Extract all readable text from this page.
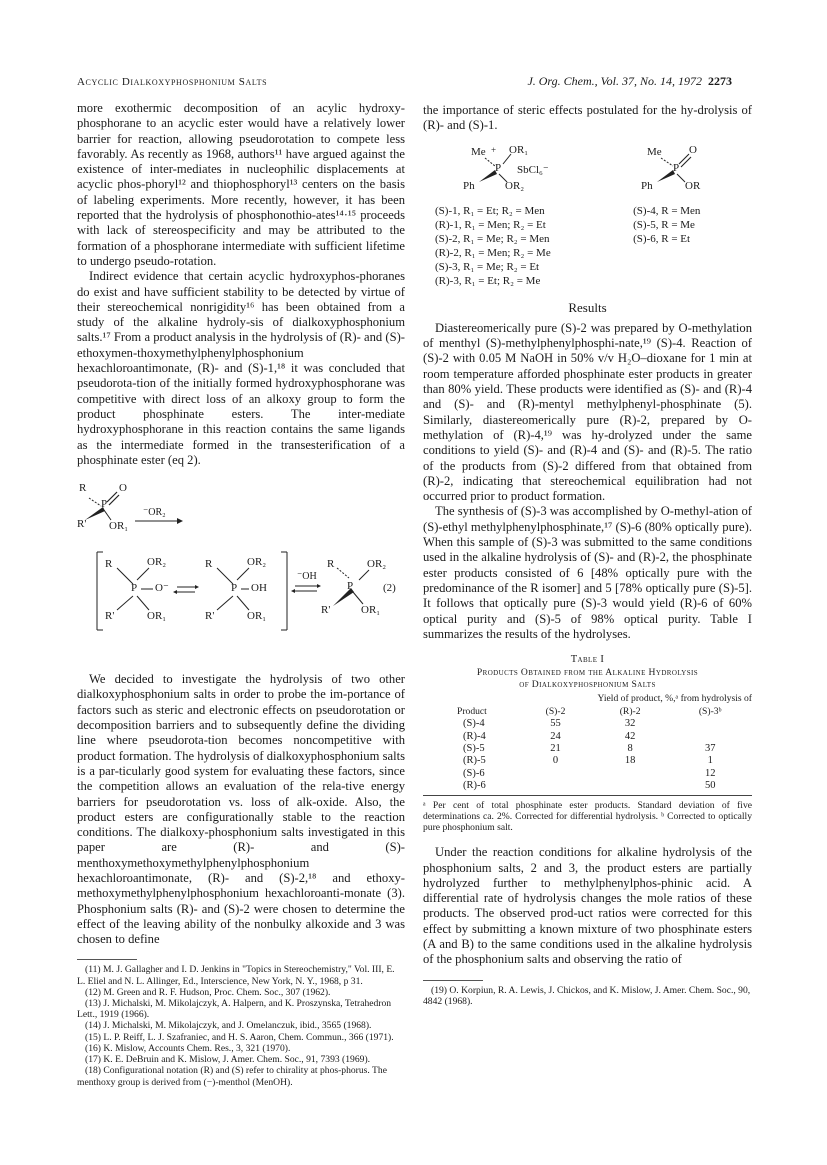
Acyclic Dialkoxyphosphonium Salts	J. Org. Chem., Vol. 37, No. 14, 1972 2273

more exothermic decomposition of an acylic hydroxy-phosphorane to an acyclic ester would have a relatively lower barrier for reaction, allowing pseudorotation to compete less favorably. As recently as 1968, authors¹¹ have argued against the existence of inter-mediates in nucleophilic displacements at acyclic phos-phoryl¹² and thiophosphoryl¹³ centers on the basis of labeling experiments. More recently, however, it has been reported that the hydrolysis of phosphonothio-ates¹⁴·¹⁵ proceeds with lack of stereospecificity and may be attributed to the formation of a phosphorane intermediate with sufficient lifetime to undergo pseudo-rotation.

Indirect evidence that certain acyclic hydroxyphos-phoranes do exist and have sufficient stability to be detected by virtue of their stereochemical nonrigidity¹⁶ has been obtained from a study of the alkaline hydroly-sis of dialkoxyphosphonium salts.¹⁷ From a product analysis in the hydrolysis of (R)- and (S)-ethoxymen-thoxymethylphenylphosphonium hexachloroantimonate, (R)- and (S)-1,¹⁸ it was concluded that pseudorota-tion of the initially formed hydroxyphosphorane was competitive with direct loss of an alkoxy group to form the product phosphinate esters. The inter-mediate hydroxyphosphorane in this reaction contains the same ligands as the intermediate formed in the transesterification of a phosphinate ester (eq 2).

R	O
P
R' OR₁
⁻OR₂
R	OR₂
P O⁻
R'	OR₁
R	OR₂
P OH
R'	OR₁
⁻OH
R	OR₂
P
R'	OR₁
(2)

We decided to investigate the hydrolysis of two other dialkoxyphosphonium salts in order to probe the im-portance of factors such as steric and electronic effects on pseudorotation or decomposition barriers and to subsequently define the dividing line where pseudorota-tion becomes noncompetitive with product formation. The hydrolysis of dialkoxyphosphonium salts is a par-ticularly good system for evaluating these factors, since the competition allows an evaluation of the rela-tive energy barriers for pseudorotation vs. loss of alk-oxide. Also, the product esters are configurationally stable to the reaction conditions. The dialkoxy-phosphonium salts investigated in this paper are (R)- and (S)-menthoxymethoxymethylphenylphosphonium hexachloroantimonate, (R)- and (S)-2,¹⁸ and ethoxy-methoxymethylphenylphosphonium hexachloroanti-monate (3). Phosphonium salts (R)- and (S)-2 were chosen to determine the effect of the leaving ability of the nonbulky alkoxide and 3 was chosen to define

(11) M. J. Gallagher and I. D. Jenkins in "Topics in Stereochemistry," Vol. III, E. L. Eliel and N. L. Allinger, Ed., Interscience, New York, N. Y., 1968, p 31.
(12) M. Green and R. F. Hudson, Proc. Chem. Soc., 307 (1962).
(13) J. Michalski, M. Mikolajczyk, A. Halpern, and K. Proszynska, Tetrahedron Lett., 1919 (1966).
(14) J. Michalski, M. Mikolajczyk, and J. Omelanczuk, ibid., 3565 (1968).
(15) L. P. Reiff, L. J. Szafraniec, and H. S. Aaron, Chem. Commun., 366 (1971).
(16) K. Mislow, Accounts Chem. Res., 3, 321 (1970).
(17) K. E. DeBruin and K. Mislow, J. Amer. Chem. Soc., 91, 7393 (1969).
(18) Configurational notation (R) and (S) refer to chirality at phos-phorus. The menthoxy group is derived from (−)-menthol (MenOH).

the importance of steric effects postulated for the hy-drolysis of (R)- and (S)-1.

Me + OR₁
P SbCl₆⁻
Ph	OR₂
Me O
P
Ph	OR
(S)-1, R₁ = Et; R₂ = Men
(R)-1, R₁ = Men; R₂ = Et
(S)-2, R₁ = Me; R₂ = Men
(R)-2, R₁ = Men; R₂ = Me
(S)-3, R₁ = Me; R₂ = Et
(R)-3, R₁ = Et; R₂ = Me
(S)-4, R = Men
(S)-5, R = Me
(S)-6, R = Et
Results

Diastereomerically pure (S)-2 was prepared by O-methylation of menthyl (S)-methylphenylphosphi-nate,¹⁹ (S)-4. Reaction of (S)-2 with 0.05 M NaOH in 50% v/v H₂O–dioxane for 1 min at room temperature afforded phosphinate ester products in greater than 80% yield. These products were identified as (S)- and (R)-4 and (S)- and (R)-mentyl methylphenyl-phosphinate (5). Similarly, diastereomerically pure (R)-2, prepared by O-methylation of (R)-4,¹⁹ was hy-drolyzed under the same conditions to yield (S)- and (R)-4 and (S)- and (R)-5. The ratio of the products from (S)-2 differed from that obtained from (R)-2, indicating that stereochemical equilibration had not occurred prior to product formation.

The synthesis of (S)-3 was accomplished by O-methyl-ation of (S)-ethyl methylphenylphosphinate,¹⁷ (S)-6 (80% optically pure). When this sample of (S)-3 was submitted to the same conditions used in the alkaline hydrolysis of (S)- and (R)-2, the phosphinate ester products consisted of 6 [48% optically pure with the predominance of the R isomer] and 5 [78% optically pure (S)-5]. It follows that optically pure (S)-3 would yield (R)-6 of 60% optical purity and (S)-5 of 98% optical purity. Table I summarizes the results of the hydrolyses.

Table I
Products Obtained from the Alkaline Hydrolysis
of Dialkoxyphosphonium Salts
	Yield of product, %,ᵃ from hydrolysis of		
Product	(S)-2	(R)-2	(S)-3ᵇ
(S)-4	55	32	
(R)-4	24	42	
(S)-5	21	8	37
(R)-5	0	18	1
(S)-6			12
(R)-6			50
ᵃ Per cent of total phosphinate ester products. Standard deviation of five determinations ca. 2%. Corrected for differential hydrolysis. ᵇ Corrected to optically pure phosphonium salt.

Under the reaction conditions for alkaline hydrolysis of the phosphonium salts, 2 and 3, the product esters are partially hydrolyzed further to methylphenylphos-phinic acid. A differential rate of hydrolysis changes the mole ratios of these products. The observed prod-uct ratios were corrected for this effect by submitting a known mixture of two phosphinate esters (A and B) to the same conditions used in the alkaline hydrolysis of the phosphonium salts and observing the ratio of

(19) O. Korpiun, R. A. Lewis, J. Chickos, and K. Mislow, J. Amer. Chem. Soc., 90, 4842 (1968).
